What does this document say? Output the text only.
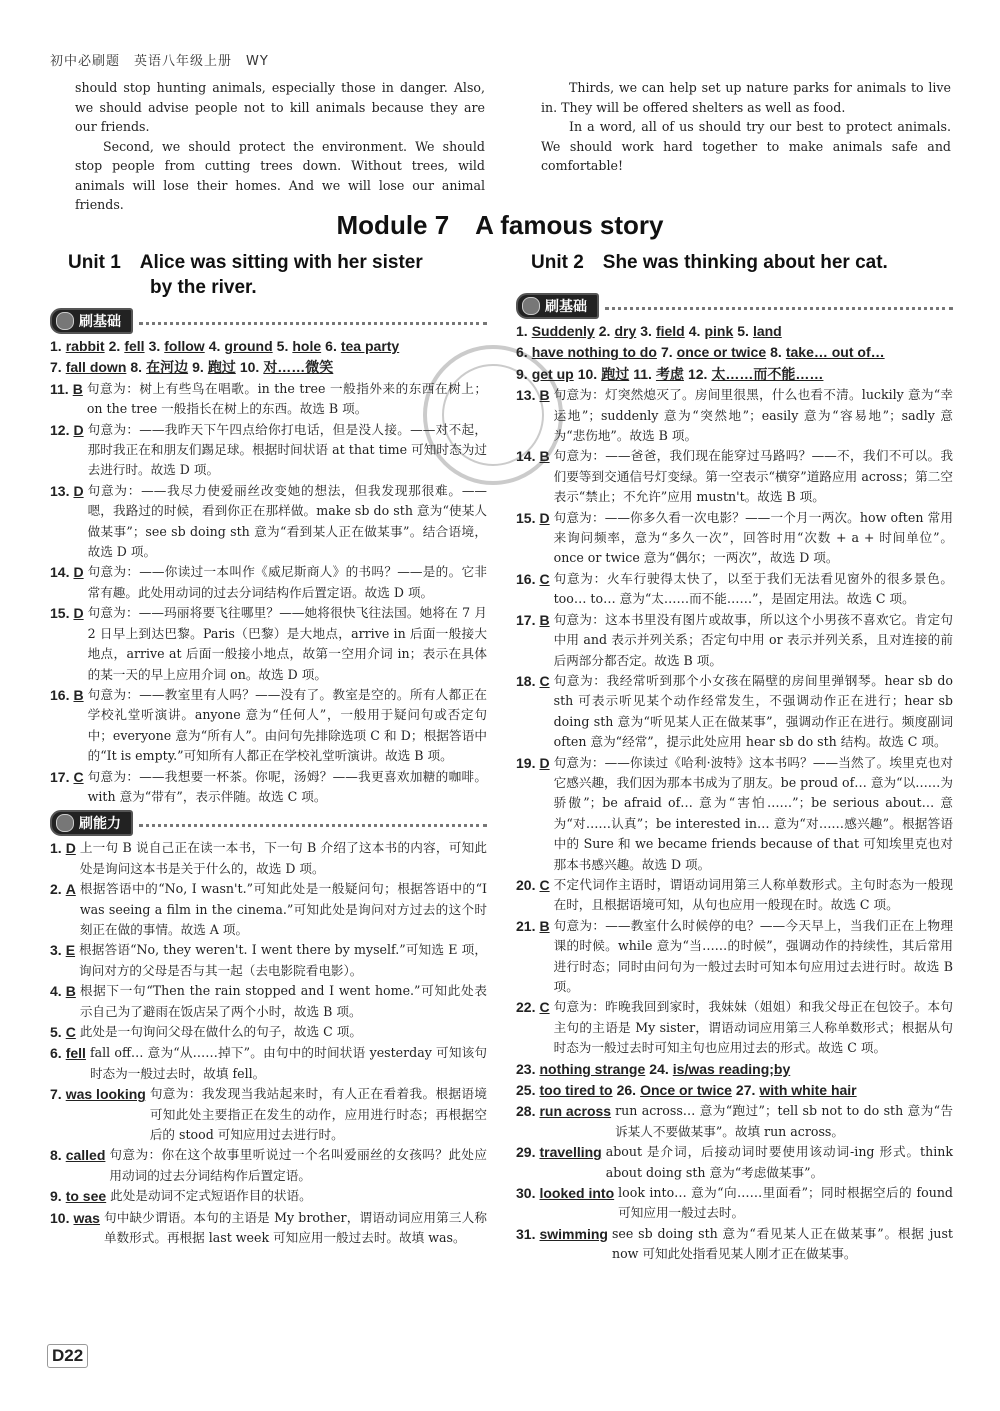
初中必刷题　英语八年级上册　WY

should stop hunting animals, especially those in danger. Also, we should advise people not to kill animals because they are our friends.

Second, we should protect the environment. We should stop people from cutting trees down. Without trees, wild animals will lose their homes. And we will lose our animal friends.

Thirds, we can help set up nature parks for animals to live in. They will be offered shelters as well as food.

In a word, all of us should try our best to protect animals. We should work hard together to make animals safe and comfortable!

Module 7　A famous story
Unit 1　Alice was sitting with her sister
by the river.
Unit 2　She was thinking about her cat.
刷基础
1. rabbit 2. fell 3. follow 4. ground 5. hole 6. tea party
7. fall down 8. 在河边 9. 跑过 10. 对……微笑
11. B 句意为：树上有些鸟在唱歌。in the tree 一般指外来的东西在树上；on the tree 一般指长在树上的东西。故选 B 项。
12. D 句意为：——我昨天下午四点给你打电话，但是没人接。——对不起，那时我正在和朋友们踢足球。根据时间状语 at that time 可知时态为过去进行时。故选 D 项。
13. D 句意为：——我尽力使爱丽丝改变她的想法，但我发现那很难。——嗯，我路过的时候，看到你正在那样做。make sb do sth 意为“使某人做某事”；see sb doing sth 意为“看到某人正在做某事”。结合语境，故选 D 项。
14. D 句意为：——你读过一本叫作《威尼斯商人》的书吗？——是的。它非常有趣。此处用动词的过去分词结构作后置定语。故选 D 项。
15. D 句意为：——玛丽将要飞往哪里？——她将很快飞往法国。她将在 7 月 2 日早上到达巴黎。Paris（巴黎）是大地点，arrive in 后面一般接大地点，arrive at 后面一般接小地点，故第一空用介词 in；表示在具体的某一天的早上应用介词 on。故选 D 项。
16. B 句意为：——教室里有人吗？——没有了。教室是空的。所有人都正在学校礼堂听演讲。anyone 意为“任何人”，一般用于疑问句或否定句中；everyone 意为“所有人”。由问句先排除选项 C 和 D；根据答语中的“It is empty.”可知所有人都正在学校礼堂听演讲。故选 B 项。
17. C 句意为：——我想要一杯茶。你呢，汤姆？——我更喜欢加糖的咖啡。with 意为“带有”，表示伴随。故选 C 项。
刷能力
1. D 上一句 B 说自己正在读一本书，下一句 B 介绍了这本书的内容，可知此处是询问这本书是关于什么的，故选 D 项。
2. A 根据答语中的“No, I wasn't.”可知此处是一般疑问句；根据答语中的“I was seeing a film in the cinema.”可知此处是询问对方过去的这个时刻正在做的事情。故选 A 项。
3. E 根据答语“No, they weren't. I went there by myself.”可知选 E 项，询问对方的父母是否与其一起（去电影院看电影）。
4. B 根据下一句“Then the rain stopped and I went home.”可知此处表示自己为了避雨在饭店呆了两个小时，故选 B 项。
5. C 此处是一句询问父母在做什么的句子，故选 C 项。
6. fell fall off… 意为“从……掉下”。由句中的时间状语 yesterday 可知该句时态为一般过去时，故填 fell。
7. was looking 句意为：我发现当我站起来时，有人正在看着我。根据语境可知此处主要指正在发生的动作，应用进行时态；再根据空后的 stood 可知应用过去进行时。
8. called 句意为：你在这个故事里听说过一个名叫爱丽丝的女孩吗？此处应用动词的过去分词结构作后置定语。
9. to see 此处是动词不定式短语作目的状语。
10. was 句中缺少谓语。本句的主语是 My brother，谓语动词应用第三人称单数形式。再根据 last week 可知应用一般过去时。故填 was。
刷基础
1. Suddenly 2. dry 3. field 4. pink 5. land
6. have nothing to do 7. once or twice 8. take… out of…
9. get up 10. 跑过 11. 考虑 12. 太……而不能……
13. B 句意为：灯突然熄灭了。房间里很黑，什么也看不清。luckily 意为“幸运地”；suddenly 意为“突然地”；easily 意为“容易地”；sadly 意为“悲伤地”。故选 B 项。
14. B 句意为：——爸爸，我们现在能穿过马路吗？——不，我们不可以。我们要等到交通信号灯变绿。第一空表示“横穿”道路应用 across；第二空表示“禁止；不允许”应用 mustn't。故选 B 项。
15. D 句意为：——你多久看一次电影？——一个月一两次。how often 常用来询问频率，意为“多久一次”，回答时用“次数 + a + 时间单位”。once or twice 意为“偶尔；一两次”，故选 D 项。
16. C 句意为：火车行驶得太快了，以至于我们无法看见窗外的很多景色。too… to… 意为“太……而不能……”，是固定用法。故选 C 项。
17. B 句意为：这本书里没有图片或故事，所以这个小男孩不喜欢它。肯定句中用 and 表示并列关系；否定句中用 or 表示并列关系，且对连接的前后两部分都否定。故选 B 项。
18. C 句意为：我经常听到那个小女孩在隔壁的房间里弹钢琴。hear sb do sth 可表示听见某个动作经常发生，不强调动作正在进行；hear sb doing sth 意为“听见某人正在做某事”，强调动作正在进行。频度副词 often 意为“经常”，提示此处应用 hear sb do sth 结构。故选 C 项。
19. D 句意为：——你读过《哈利·波特》这本书吗？——当然了。埃里克也对它感兴趣，我们因为那本书成为了朋友。be proud of… 意为“以……为骄傲”；be afraid of… 意为“害怕……”；be serious about… 意为“对……认真”；be interested in… 意为“对……感兴趣”。根据答语中的 Sure 和 we became friends because of that 可知埃里克也对那本书感兴趣。故选 D 项。
20. C 不定代词作主语时，谓语动词用第三人称单数形式。主句时态为一般现在时，且根据语境可知，从句也应用一般现在时。故选 C 项。
21. B 句意为：——教室什么时候停的电？——今天早上，当我们正在上物理课的时候。while 意为“当……的时候”，强调动作的持续性，其后常用进行时态；同时由问句为一般过去时可知本句应用过去进行时。故选 B 项。
22. C 句意为：昨晚我回到家时，我妹妹（姐姐）和我父母正在包饺子。本句主句的主语是 My sister，谓语动词应用第三人称单数形式；根据从句时态为一般过去时可知主句也应用过去的形式。故选 C 项。
23. nothing strange 24. is/was reading;by
25. too tired to 26. Once or twice 27. with white hair
28. run across run across… 意为“跑过”；tell sb not to do sth 意为“告诉某人不要做某事”。故填 run across。
29. travelling about 是介词，后接动词时要使用该动词-ing 形式。think about doing sth 意为“考虑做某事”。
30. looked into look into… 意为“向……里面看”；同时根据空后的 found 可知应用一般过去时。
31. swimming see sb doing sth 意为“看见某人正在做某事”。根据 just now 可知此处指看见某人刚才正在做某事。
D22
